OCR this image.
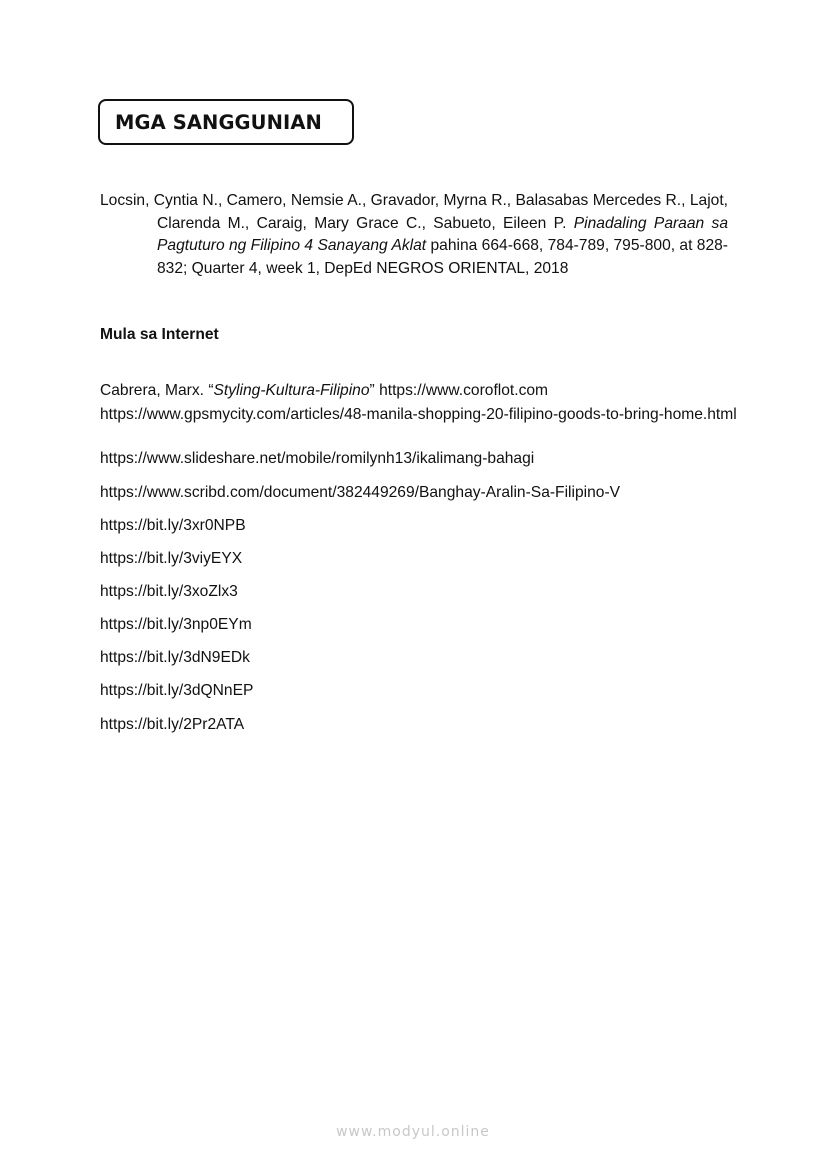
MGA SANGGUNIAN
Locsin, Cyntia N., Camero, Nemsie A., Gravador, Myrna R., Balasabas Mercedes R., Lajot, Clarenda M., Caraig, Mary Grace C., Sabueto, Eileen P. Pinadaling Paraan sa Pagtuturo ng Filipino 4 Sanayang Aklat pahina 664-668, 784-789, 795-800, at 828-832; Quarter 4, week 1, DepEd NEGROS ORIENTAL, 2018
Mula sa Internet
Cabrera, Marx. “Styling-Kultura-Filipino” https://www.coroflot.com
https://www.gpsmycity.com/articles/48-manila-shopping-20-filipino-goods-to-bring-home.html
https://www.slideshare.net/mobile/romilynh13/ikalimang-bahagi
https://www.scribd.com/document/382449269/Banghay-Aralin-Sa-Filipino-V
https://bit.ly/3xr0NPB
https://bit.ly/3viyEYX
https://bit.ly/3xoZlx3
https://bit.ly/3np0EYm
https://bit.ly/3dN9EDk
https://bit.ly/3dQNnEP
https://bit.ly/2Pr2ATA
www.modyul.online
